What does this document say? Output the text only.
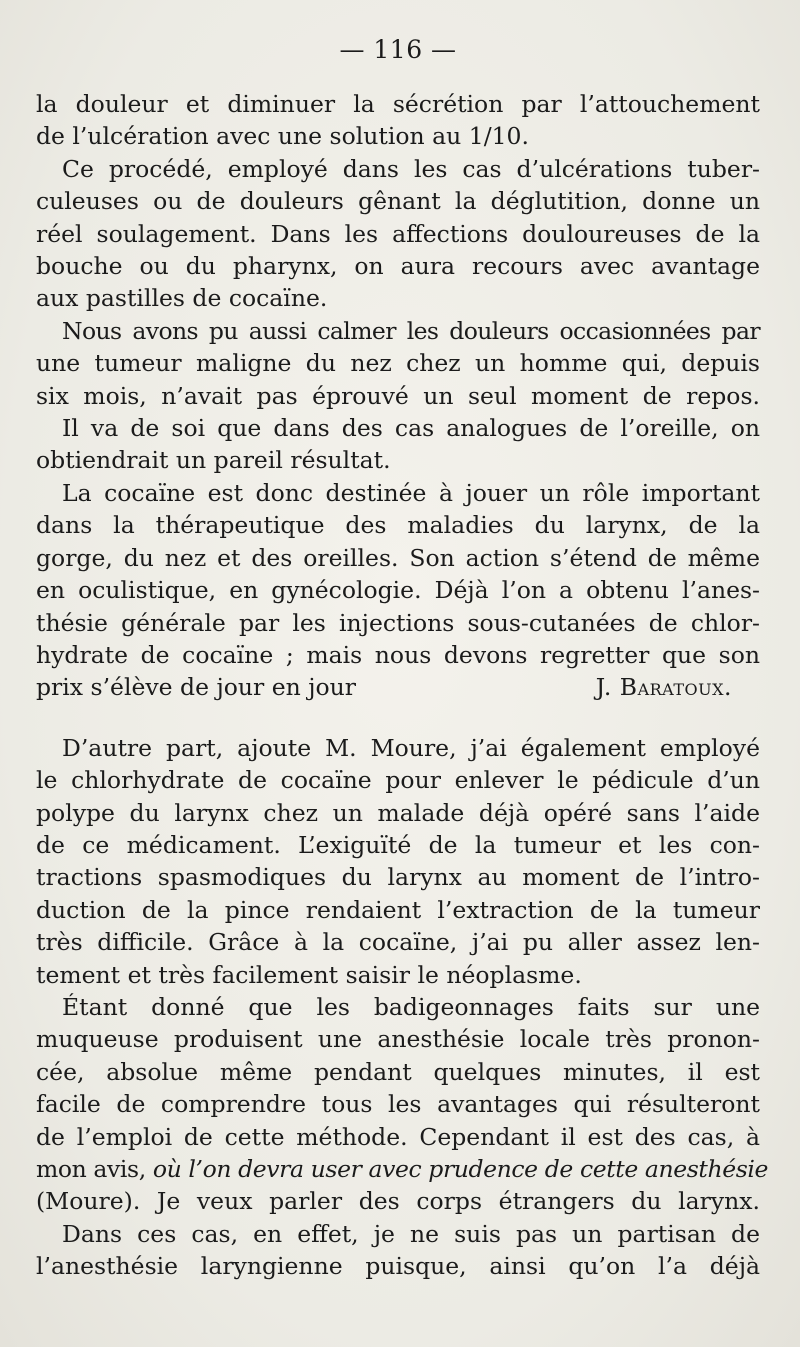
— 116 —
la douleur et diminuer la sécrétion par l’attouchement
de l’ulcération avec une solution au 1/10.
Ce procédé, employé dans les cas d’ulcérations tuber-
culeuses ou de douleurs gênant la déglutition, donne un
réel soulagement. Dans les affections douloureuses de la
bouche ou du pharynx, on aura recours avec avantage
aux pastilles de cocaïne.
Nous avons pu aussi calmer les douleurs occasionnées par
une tumeur maligne du nez chez un homme qui, depuis
six mois, n’avait pas éprouvé un seul moment de repos.
Il va de soi que dans des cas analogues de l’oreille, on
obtiendrait un pareil résultat.
La cocaïne est donc destinée à jouer un rôle important
dans la thérapeutique des maladies du larynx, de la
gorge, du nez et des oreilles. Son action s’étend de même
en oculistique, en gynécologie. Déjà l’on a obtenu l’anes-
thésie générale par les injections sous-cutanées de chlor-
hydrate de cocaïne ; mais nous devons regretter que son
prix s’élève de jour en jour	J. Baratoux.
D’autre part, ajoute M. Moure, j’ai également employé
le chlorhydrate de cocaïne pour enlever le pédicule d’un
polype du larynx chez un malade déjà opéré sans l’aide
de ce médicament. L’exiguïté de la tumeur et les con-
tractions spasmodiques du larynx au moment de l’intro-
duction de la pince rendaient l’extraction de la tumeur
très difficile. Grâce à la cocaïne, j’ai pu aller assez len-
tement et très facilement saisir le néoplasme.
Étant donné que les badigeonnages faits sur une
muqueuse produisent une anesthésie locale très pronon-
cée, absolue même pendant quelques minutes, il est
facile de comprendre tous les avantages qui résulteront
de l’emploi de cette méthode. Cependant il est des cas, à
mon avis, où l’on devra user avec prudence de cette anesthésie
(Moure). Je veux parler des corps étrangers du larynx.
Dans ces cas, en effet, je ne suis pas un partisan de
l’anesthésie laryngienne puisque, ainsi qu’on l’a déjà
